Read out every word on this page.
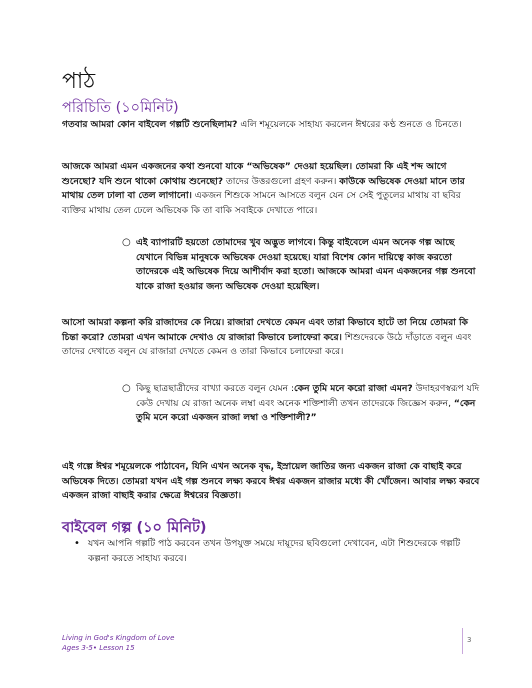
পাঠ
পরিচিতি (১০মিনিট)

গতবার আমরা কোন বাইবেল গল্পটি শুনেছিলাম? এলি শমূয়েলকে সাহায্য করলেন ঈশ্বরের কণ্ঠ শুনতে ও চিনতে।

আজকে আমরা এমন একজনের কথা শুনবো যাকে “অভিষেক” দেওয়া হয়েছিল। তোমরা কি এই শব্দ আগে শুনেছো? যদি শুনে থাকো কোথায় শুনেছো? তাদের উত্তরগুলো গ্রহণ করুন। কাউকে অভিষেক দেওয়া মানে তার মাথায় তেল ঢালা বা তেল লাগানো। একজন শিশুকে সামনে আসতে বলুন যেন সে সেই পুতুলের মাথায় বা ছবির ব্যক্তির মাথায় তেল ঢেলে অভিষেক কি তা বাকি সবাইকে দেখাতে পারে।

○ এই ব্যাপারটি হয়তো তোমাদের খুব অদ্ভুত লাগবে। কিন্তু বাইবেলে এমন অনেক গল্প আছে যেখানে বিভিন্ন মানুষকে অভিষেক দেওয়া হয়েছে। যারা বিশেষ কোন দায়িত্বে কাজ করতো তাদেরকে এই অভিষেক দিয়ে আশীর্বাদ করা হতো। আজকে আমরা এমন একজনের গল্প শুনবো যাকে রাজা হওয়ার জন্য অভিষেক দেওয়া হয়েছিল।

আসো আমরা কল্পনা করি রাজাদের কে নিয়ে। রাজারা দেখতে কেমন এবং তারা কিভাবে হাটে তা নিয়ে তোমরা কি চিন্তা করো? তোমরা এখন আমাকে দেখাও যে রাজারা কিভাবে চলাফেরা করে। শিশুদেরকে উঠে দাঁড়াতে বলুন এবং তাদের দেখাতে বলুন যে রাজারা দেখতে কেমন ও তারা কিভাবে চলাফেরা করে।

○ কিছু ছাত্রছাত্রীদের বাখ্যা করতে বলুন যেমন :কেন তুমি মনে করো রাজা এমন? উদাহরণস্বরূপ যদি কেউ দেখায় যে রাজা অনেক লম্বা এবং অনেক শক্তিশালী তখন তাদেরকে জিজ্ঞেস করুন, “কেন তুমি মনে করো একজন রাজা লম্বা ও শক্তিশালী?”

এই গল্পে ঈশ্বর শমূয়েলকে পাঠাবেন, যিনি এখন অনেক বৃদ্ধ, ইস্রায়েল জাতির জন্য একজন রাজা কে বাছাই করে অভিষেক দিতে। তোমরা যখন এই গল্প শুনবে লক্ষ্য করবে ঈশ্বর একজন রাজার মধ্যে কী খোঁজেন। আবার লক্ষ্য করবে একজন রাজা বাছাই করার ক্ষেত্রে ঈশ্বরের বিজ্ঞতা।

বাইবেল গল্প (১০ মিনিট)
• যখন আপনি গল্পটি পাঠ করবেন তখন উপযুক্ত সময়ে দায়ূদের ছবিগুলো দেখাবেন, এটা শিশুদেরকে গল্পটি কল্পনা করতে সাহায্য করবে।
Living in God's Kingdom of Love
Ages 3-5• Lesson 15
3
